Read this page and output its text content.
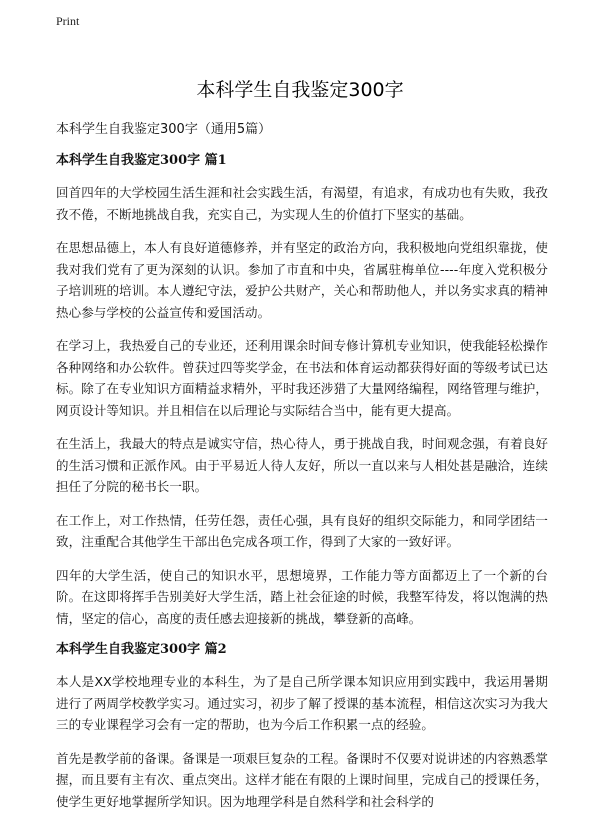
Print
本科学生自我鉴定300字

本科学生自我鉴定300字（通用5篇）

本科学生自我鉴定300字 篇1

回首四年的大学校园生活生涯和社会实践生活，有渴望，有追求，有成功也有失败，我孜孜不倦，不断地挑战自我，充实自己，为实现人生的价值打下坚实的基础。

在思想品德上，本人有良好道德修养，并有坚定的政治方向，我积极地向党组织靠拢，使我对我们党有了更为深刻的认识。参加了市直和中央，省属驻梅单位----年度入党积极分子培训班的培训。本人遵纪守法，爱护公共财产，关心和帮助他人，并以务实求真的精神热心参与学校的公益宣传和爱国活动。

在学习上，我热爱自己的专业还，还利用课余时间专修计算机专业知识，使我能轻松操作各种网络和办公软件。曾获过四等奖学金，在书法和体育运动都获得好面的等级考试已达标。除了在专业知识方面精益求精外，平时我还涉猎了大量网络编程，网络管理与维护，网页设计等知识。并且相信在以后理论与实际结合当中，能有更大提高。

在生活上，我最大的特点是诚实守信，热心待人，勇于挑战自我，时间观念强，有着良好的生活习惯和正派作风。由于平易近人待人友好，所以一直以来与人相处甚是融洽，连续担任了分院的秘书长一职。

在工作上，对工作热情，任劳任怨，责任心强，具有良好的组织交际能力，和同学团结一致，注重配合其他学生干部出色完成各项工作，得到了大家的一致好评。

四年的大学生活，使自己的知识水平，思想境界，工作能力等方面都迈上了一个新的台阶。在这即将挥手告别美好大学生活，踏上社会征途的时候，我整军待发，将以饱满的热情，坚定的信心，高度的责任感去迎接新的挑战，攀登新的高峰。

本科学生自我鉴定300字 篇2

本人是XX学校地理专业的本科生，为了是自己所学课本知识应用到实践中，我运用暑期进行了两周学校教学实习。通过实习，初步了解了授课的基本流程，相信这次实习为我大三的专业课程学习会有一定的帮助，也为今后工作积累一点的经验。

首先是教学前的备课。备课是一项艰巨复杂的工程。备课时不仅要对说讲述的内容熟悉掌握，而且要有主有次、重点突出。这样才能在有限的上课时间里，完成自己的授课任务，使学生更好地掌握所学知识。因为地理学科是自然科学和社会科学的
